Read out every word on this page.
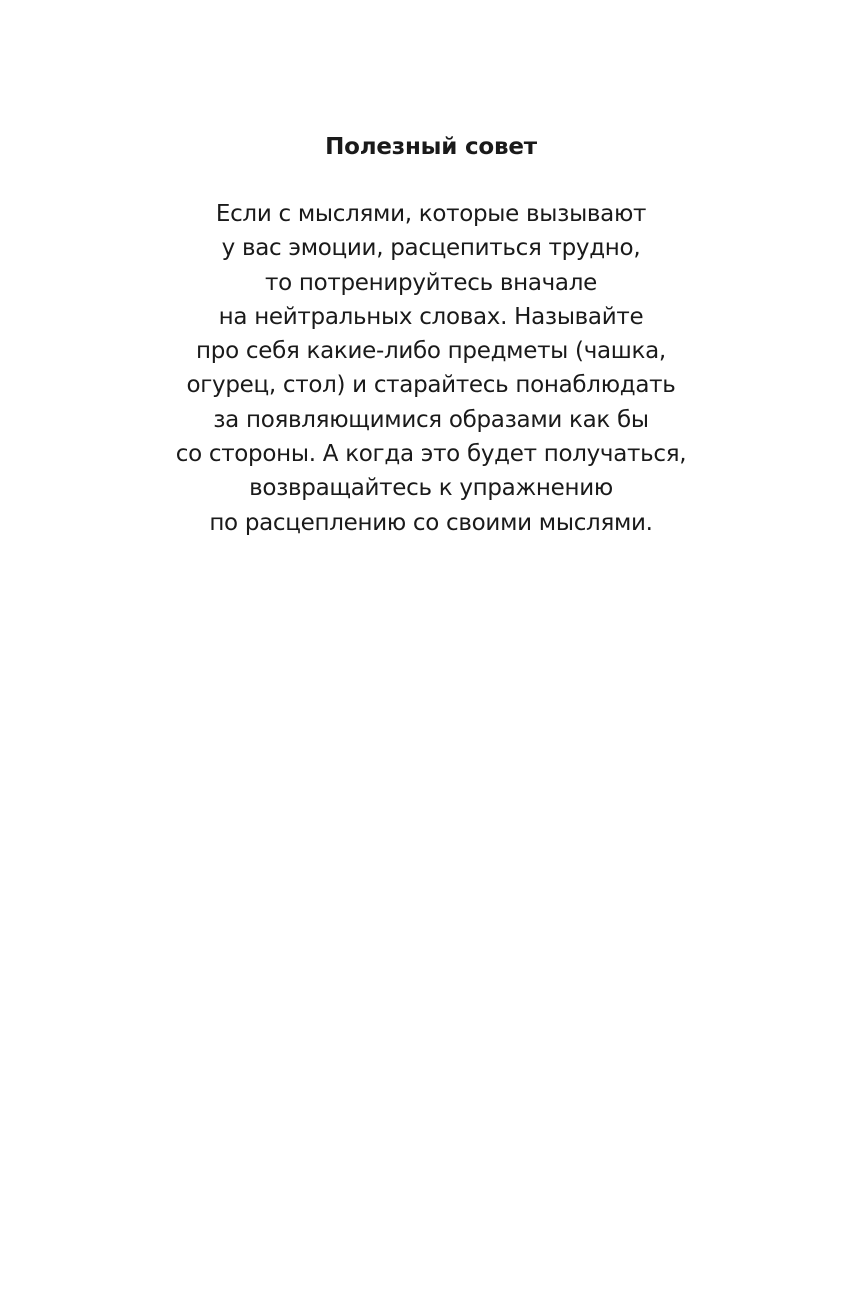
Полезный совет

Если с мыслями, которые вызывают
у вас эмоции, расцепиться трудно,
то потренируйтесь вначале
на нейтральных словах. Называйте
про себя какие-либо предметы (чашка,
огурец, стол) и старайтесь понаблюдать
за появляющимися образами как бы
со стороны. А когда это будет получаться,
возвращайтесь к упражнению
по расцеплению со своими мыслями.
